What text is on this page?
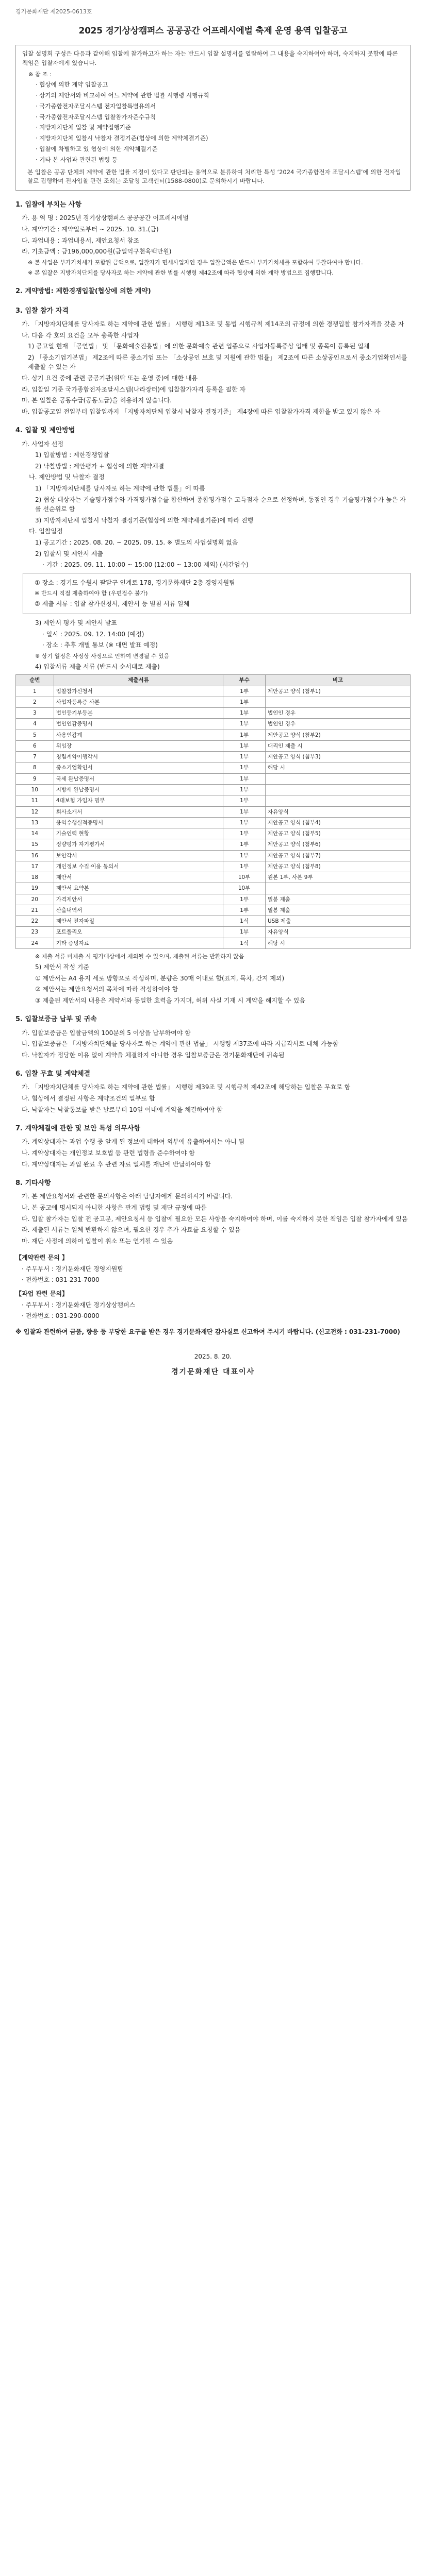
경기문화재단 제2025-0613호
2025 경기상상캠퍼스 공공공간 어프레시에벌 축제 운영 용역 입찰공고

입찰 설명회 구성은 다음과 같이해 입찰에 참가하고자 하는 자는 반드시 입찰 설명서를 열람하여 그 내용을 숙지하여야 하며, 숙지하지 못함에 따른 책임은 입찰자에게 있습니다.

※ 참 조 :

· 협상에 의한 계약 입찰공고

· 상기의 제안서와 비교하여 어느 계약에 관한 법률 시행령 시행규칙

· 국가종합전자조달시스템 전자입찰특별유의서

· 국가종합전자조달시스템 입찰참가자준수규칙

· 지방자치단체 입찰 및 계약집행기준

· 지방자치단체 입찰시 낙찰자 결정기준(협상에 의한 계약체결기준)

· 입찰에 차별하고 있 협상에 의한 계약체결기준

· 기타 본 사업과 관련된 법령 등

본 입찰은 공공 단체의 계약에 관한 법률 지정이 있다고 판단되는 용역으로 분류하여 처리한 특성 ‘2024 국가종합전자 조달시스템’에 의한 전자입찰로 집행하며 전자입찰 관련 조회는 조달청 고객센터(1588-0800)로 문의하시기 바랍니다.

1. 입찰에 부치는 사항

가. 용 역 명 : 2025년 경기상상캠퍼스 공공공간 어프레시에벌

나. 계약기간 : 계약일로부터 ~ 2025. 10. 31.(금)

다. 과업내용 : 과업내용서, 제안요청서 참조

라. 기초금액 : 금196,000,000원(금일억구천육백만원)

※ 본 사업은 부가가치세가 포함된 금액으로, 입찰자가 면세사업자인 경우 입찰금액은 반드시 부가가치세를 포함하여 투찰하여야 합니다.

※ 본 입찰은 지방자치단체를 당사자로 하는 계약에 관한 법률 시행령 제42조에 따라 협상에 의한 계약 방법으로 집행합니다.

2. 계약방법: 제한경쟁입찰(협상에 의한 계약)
3. 입찰 참가 자격

가. 「지방자치단체를 당사자로 하는 계약에 관한 법률」 시행령 제13조 및 동법 시행규칙 제14조의 규정에 의한 경쟁입찰 참가자격을 갖춘 자

나. 다음 각 호의 요건을 모두 충족한 사업자

1) 공고일 현재 「공연법」 및 「문화예술진흥법」에 의한 문화예술 관련 업종으로 사업자등록증상 업태 및 종목이 등록된 업체

2) 「중소기업기본법」 제2조에 따른 중소기업 또는 「소상공인 보호 및 지원에 관한 법률」 제2조에 따른 소상공인으로서 중소기업확인서를 제출할 수 있는 자

다. 상기 요건 중에 관련 공공기관(위탁 또는 운영 중)에 대한 내용

라. 입찰일 기준 국가종합전자조달시스템(나라장터)에 입찰참가자격 등록을 필한 자

마. 본 입찰은 공동수급(공동도급)을 허용하지 않습니다.

바. 입찰공고일 전일부터 입찰일까지 「지방자치단체 입찰시 낙찰자 결정기준」 제4장에 따른 입찰참가자격 제한을 받고 있지 않은 자

4. 입찰 및 제안방법

가. 사업자 선정

1) 입찰방법 : 제한경쟁입찰

2) 낙찰방법 : 제안평가 + 협상에 의한 계약체결

나. 제안방법 및 낙찰자 결정

1) 「지방자치단체를 당사자로 하는 계약에 관한 법률」에 따름

2) 협상 대상자는 기술평가점수와 가격평가점수를 합산하여 종합평가점수 고득점자 순으로 선정하며, 동점인 경우 기술평가점수가 높은 자를 선순위로 함

3) 지방자치단체 입찰시 낙찰자 결정기준(협상에 의한 계약체결기준)에 따라 진행

다. 입찰일정

1) 공고기간 : 2025. 08. 20. ~ 2025. 09. 15. ※ 별도의 사업설명회 없음

2) 입찰서 및 제안서 제출

· 기간 : 2025. 09. 11. 10:00 ~ 15:00 (12:00 ~ 13:00 제외) (시간엄수)

① 장소 : 경기도 수원시 팔달구 인계로 178, 경기문화재단 2층 경영지원팀

※ 반드시 직접 제출하여야 함 (우편접수 불가)

② 제출 서류 : 입찰 참가신청서, 제안서 등 별첨 서류 일체

3) 제안서 평가 및 제안서 발표

· 일시 : 2025. 09. 12. 14:00 (예정)

· 장소 : 추후 개별 통보 (※ 대면 발표 예정)

※ 상기 일정은 사정상 사정으로 인하여 변경될 수 있음

4) 입찰서류 제출 서류 (반드시 순서대로 제출)

순번	제출서류	부수	비고
1	입찰참가신청서	1부	제안공고 양식 (첨부1)
2	사업자등록증 사본	1부	
3	법인등기부등본	1부	법인인 경우
4	법인인감증명서	1부	법인인 경우
5	사용인감계	1부	제안공고 양식 (첨부2)
6	위임장	1부	대리인 제출 시
7	청렴계약이행각서	1부	제안공고 양식 (첨부3)
8	중소기업확인서	1부	해당 시
9	국세 완납증명서	1부	
10	지방세 완납증명서	1부	
11	4대보험 가입자 명부	1부	
12	회사소개서	1부	자유양식
13	용역수행실적증명서	1부	제안공고 양식 (첨부4)
14	기술인력 현황	1부	제안공고 양식 (첨부5)
15	정량평가 자기평가서	1부	제안공고 양식 (첨부6)
16	보안각서	1부	제안공고 양식 (첨부7)
17	개인정보 수집·이용 동의서	1부	제안공고 양식 (첨부8)
18	제안서	10부	원본 1부, 사본 9부
19	제안서 요약본	10부	
20	가격제안서	1부	밀봉 제출
21	산출내역서	1부	밀봉 제출
22	제안서 전자파일	1식	USB 제출
23	포트폴리오	1부	자유양식
24	기타 증빙자료	1식	해당 시

※ 제출 서류 미제출 시 평가대상에서 제외될 수 있으며, 제출된 서류는 반환하지 않음

5) 제안서 작성 기준

① 제안서는 A4 용지 세로 방향으로 작성하며, 분량은 30매 이내로 함(표지, 목차, 간지 제외)

② 제안서는 제안요청서의 목차에 따라 작성하여야 함

③ 제출된 제안서의 내용은 계약서와 동일한 효력을 가지며, 허위 사실 기재 시 계약을 해지할 수 있음

5. 입찰보증금 납부 및 귀속

가. 입찰보증금은 입찰금액의 100분의 5 이상을 납부하여야 함

나. 입찰보증금은 「지방자치단체를 당사자로 하는 계약에 관한 법률」 시행령 제37조에 따라 지급각서로 대체 가능함

다. 낙찰자가 정당한 이유 없이 계약을 체결하지 아니한 경우 입찰보증금은 경기문화재단에 귀속됨

6. 입찰 무효 및 계약체결

가. 「지방자치단체를 당사자로 하는 계약에 관한 법률」 시행령 제39조 및 시행규칙 제42조에 해당하는 입찰은 무효로 함

나. 협상에서 결정된 사항은 계약조건의 일부로 함

다. 낙찰자는 낙찰통보를 받은 날로부터 10일 이내에 계약을 체결하여야 함

7. 계약체결에 관한 및 보안 특성 의무사항

가. 계약상대자는 과업 수행 중 알게 된 정보에 대하여 외부에 유출하여서는 아니 됨

나. 계약상대자는 개인정보 보호법 등 관련 법령을 준수하여야 함

다. 계약상대자는 과업 완료 후 관련 자료 일체를 재단에 반납하여야 함

8. 기타사항

가. 본 제안요청서와 관련한 문의사항은 아래 담당자에게 문의하시기 바랍니다.

나. 본 공고에 명시되지 아니한 사항은 관계 법령 및 재단 규정에 따름

다. 입찰 참가자는 입찰 전 공고문, 제안요청서 등 입찰에 필요한 모든 사항을 숙지하여야 하며, 이를 숙지하지 못한 책임은 입찰 참가자에게 있음

라. 제출된 서류는 일체 반환하지 않으며, 필요한 경우 추가 자료를 요청할 수 있음

마. 재단 사정에 의하여 입찰이 취소 또는 연기될 수 있음

【계약관련 문의 】

· 주무부서 : 경기문화재단 경영지원팀

· 전화번호 : 031-231-7000

【과업 관련 문의】

· 주무부서 : 경기문화재단 경기상상캠퍼스

· 전화번호 : 031-290-0000

※ 입찰과 관련하여 금품, 향응 등 부당한 요구를 받은 경우 경기문화재단 감사실로 신고하여 주시기 바랍니다. (신고전화 : 031-231-7000)

2025. 8. 20.
경기문화재단 대표이사
